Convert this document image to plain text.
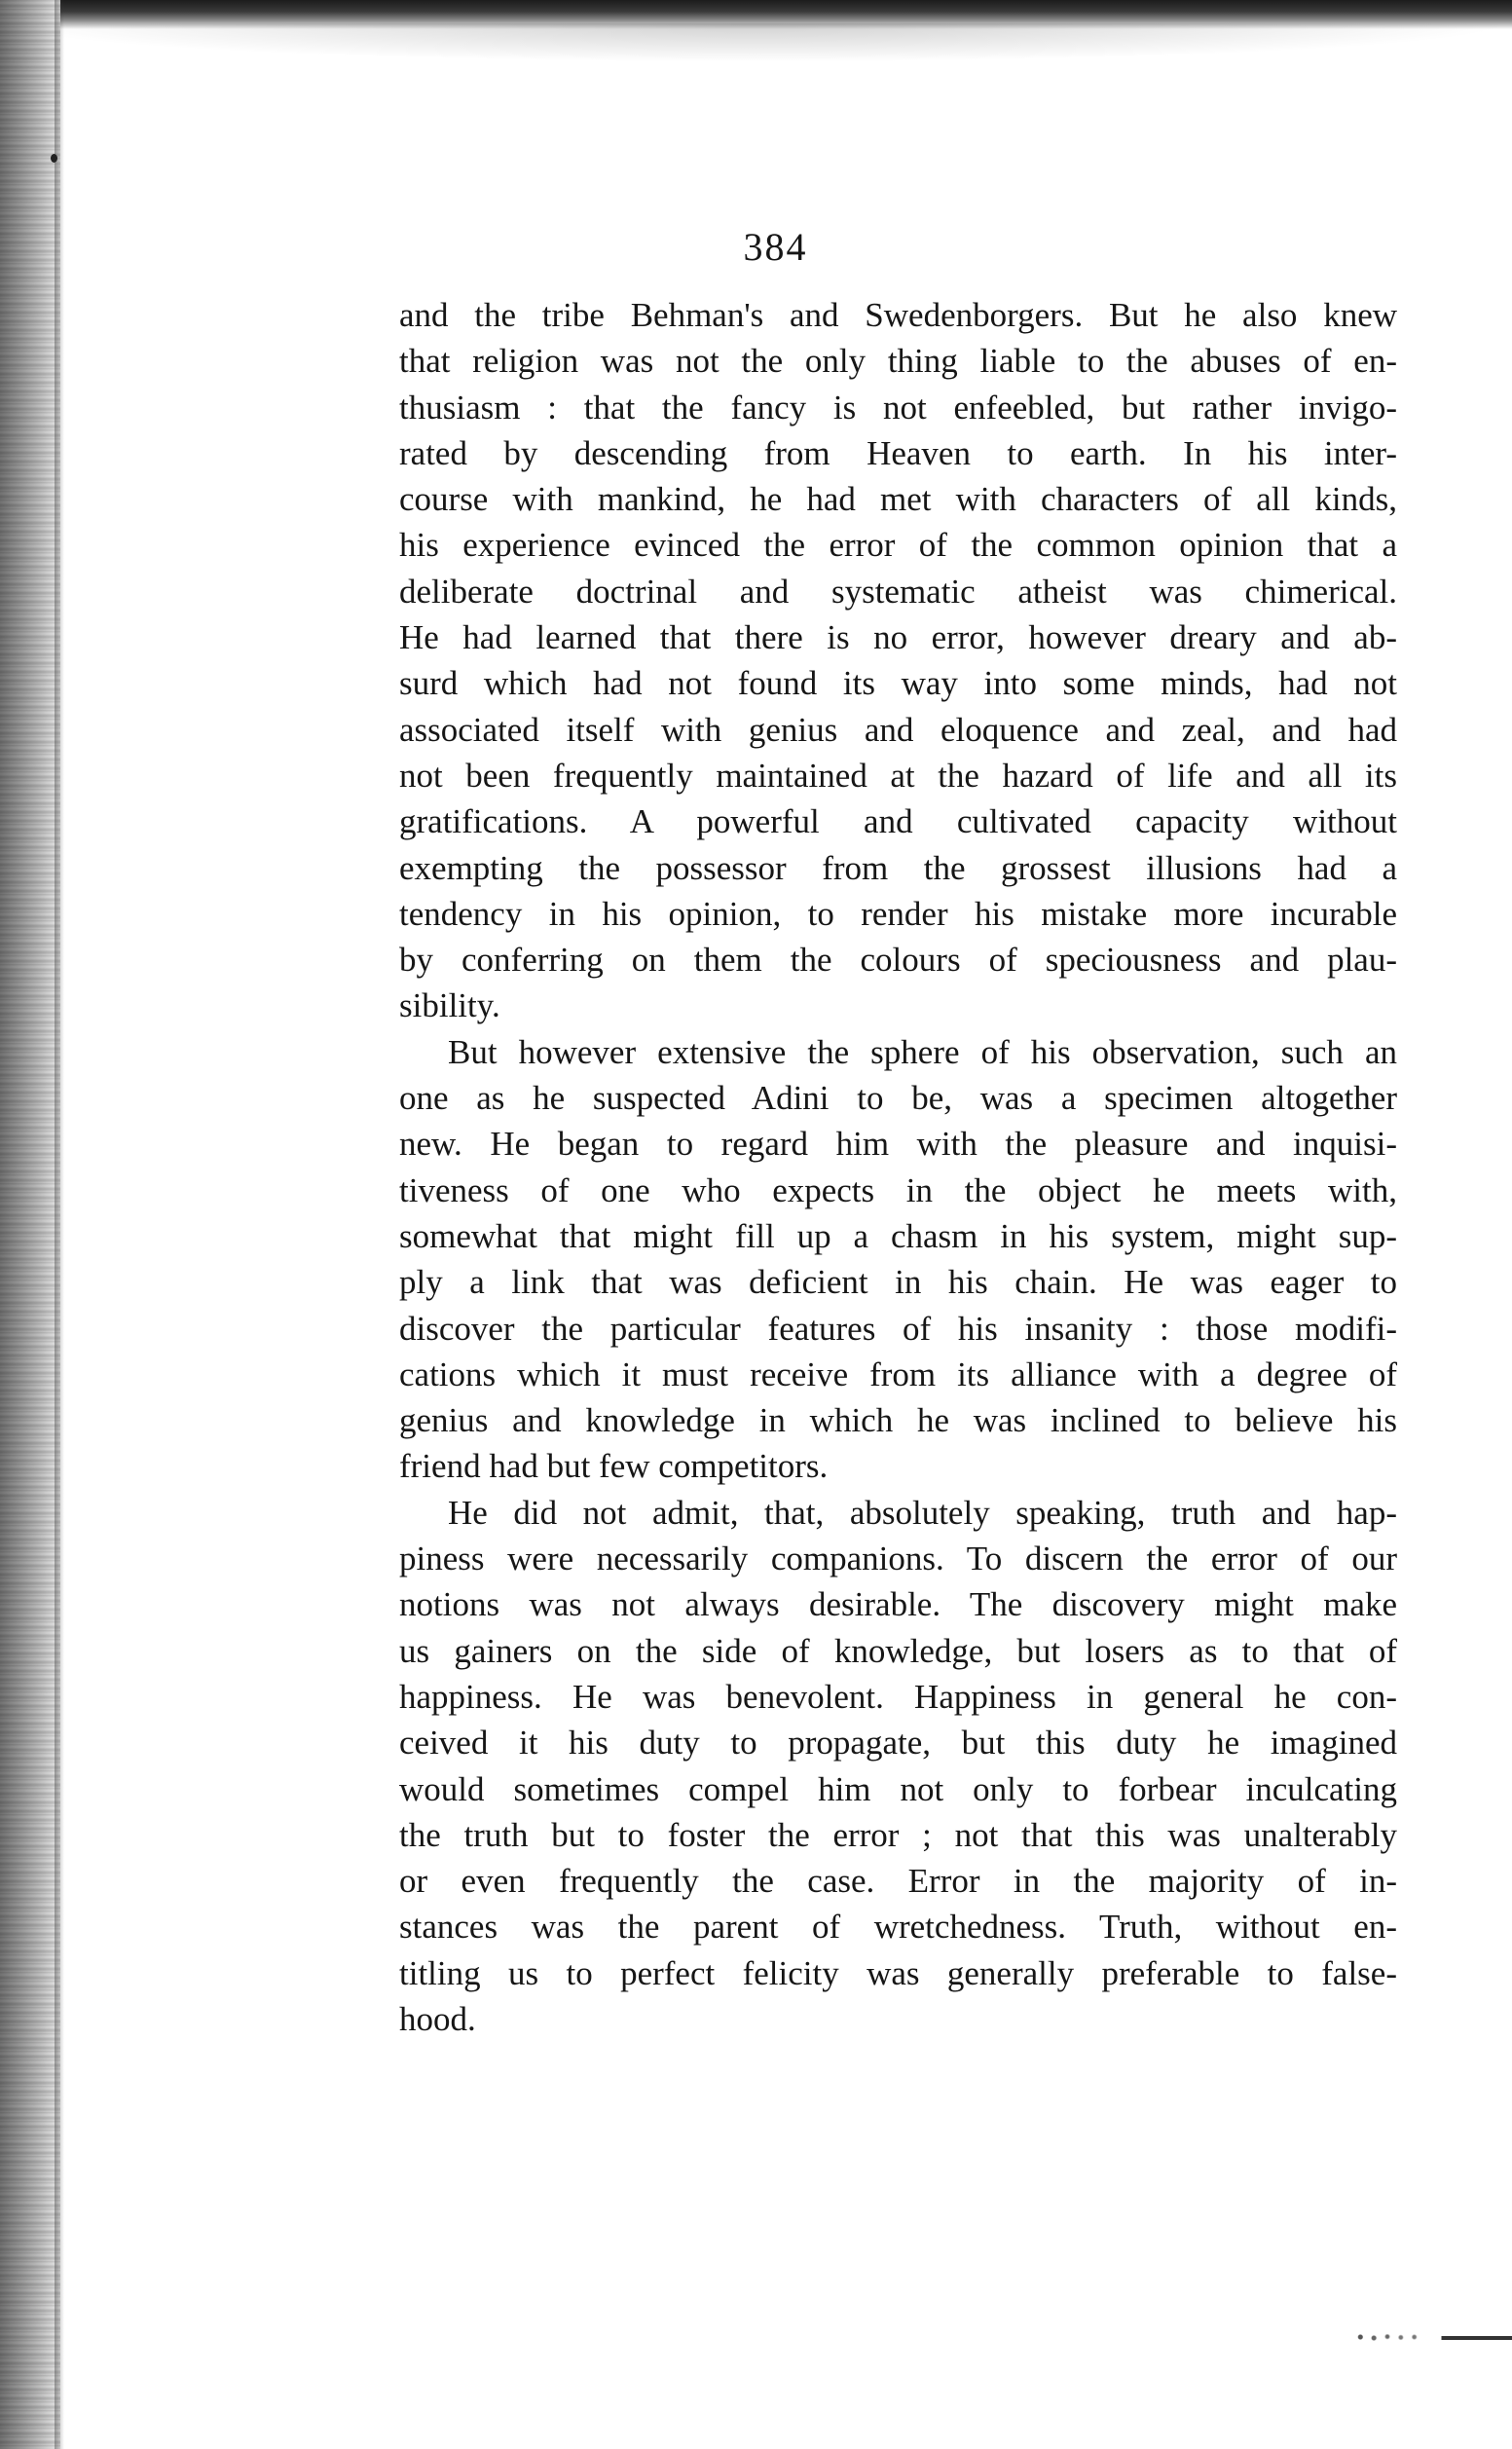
384
and the tribe Behman's and Swedenborgers. But he also knew
that religion was not the only thing liable to the abuses of en-
thusiasm : that the fancy is not enfeebled, but rather invigo-
rated by descending from Heaven to earth. In his inter-
course with mankind, he had met with characters of all kinds,
his experience evinced the error of the common opinion that a
deliberate doctrinal and systematic atheist was chimerical.
He had learned that there is no error, however dreary and ab-
surd which had not found its way into some minds, had not
associated itself with genius and eloquence and zeal, and had
not been frequently maintained at the hazard of life and all its
gratifications. A powerful and cultivated capacity without
exempting the possessor from the grossest illusions had a
tendency in his opinion, to render his mistake more incurable
by conferring on them the colours of speciousness and plau-
sibility.
But however extensive the sphere of his observation, such an
one as he suspected Adini to be, was a specimen altogether
new. He began to regard him with the pleasure and inquisi-
tiveness of one who expects in the object he meets with,
somewhat that might fill up a chasm in his system, might sup-
ply a link that was deficient in his chain. He was eager to
discover the particular features of his insanity : those modifi-
cations which it must receive from its alliance with a degree of
genius and knowledge in which he was inclined to believe his
friend had but few competitors.
He did not admit, that, absolutely speaking, truth and hap-
piness were necessarily companions. To discern the error of our
notions was not always desirable. The discovery might make
us gainers on the side of knowledge, but losers as to that of
happiness. He was benevolent. Happiness in general he con-
ceived it his duty to propagate, but this duty he imagined
would sometimes compel him not only to forbear inculcating
the truth but to foster the error ; not that this was unalterably
or even frequently the case. Error in the majority of in-
stances was the parent of wretchedness. Truth, without en-
titling us to perfect felicity was generally preferable to false-
hood.
